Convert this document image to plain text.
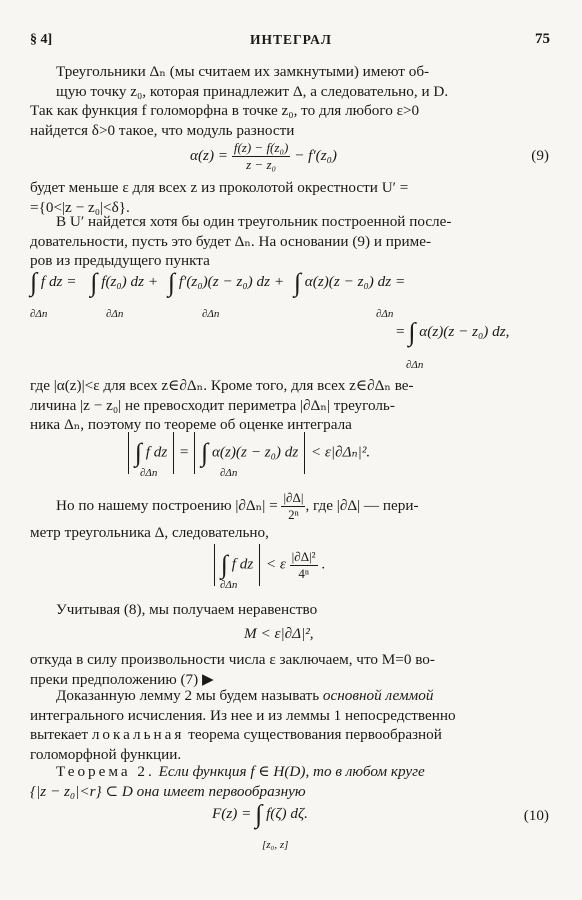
§ 4]	ИНТЕГРАЛ	75
Треугольники Δₙ (мы считаем их замкнутыми) имеют об-
щую точку z₀, которая принадлежит Δ, а следовательно, и D.
Так как функция f голоморфна в точке z₀, то для любого ε>0
найдется δ>0 такое, что модуль разности
$\alpha(z) = \frac{\text{f(z) − f(z₀)}}{\text{z − z₀}} - f'(z_0)$	(9)
будет меньше ε для всех z из проколотой окрестности U′ =
={0<|z − z₀|<δ}.
В U′ найдется хотя бы один треугольник построенной после-
довательности, пусть это будет Δₙ. На основании (9) и приме-
ров из предыдущего пункта
∫ f dz = ∫ f(z₀) dz + ∫ f′(z₀)(z − z₀) dz + ∫ α(z)(z − z₀) dz =
∂Δn	∂Δn	∂Δn	∂Δn
= ∫ α(z)(z − z₀) dz,
∂Δn
где |α(z)|<ε для всех z∈∂Δₙ. Кроме того, для всех z∈∂Δₙ ве-
личина |z − z₀| не превосходит периметра |∂Δₙ| треуголь-
ника Δₙ, поэтому по теореме об оценке интеграла
∫ f dz = ∫ α(z)(z − z₀) dz < ε|∂Δₙ|².
∂Δn	∂Δn
Но по нашему построению $|\partial\Delta_n| = \frac{|\partial\Delta|}{\text{2ⁿ}}$ , где |∂Δ| — пери-
метр треугольника Δ, следовательно,
∫ f dz < ε $\frac{\text{|∂Δ|²}}{\text{4ⁿ}}$ .
∂Δn
Учитывая (8), мы получаем неравенство
M < ε|∂Δ|²,
откуда в силу произвольности числа ε заключаем, что M=0 во-
преки предположению (7) ▶
Доказанную лемму 2 мы будем называть основной леммой
интегрального исчисления. Из нее и из леммы 1 непосредственно
вытекает локальная теорема существования первообразной
голоморфной функции.
Теорема 2. Если функция f ∈ H(D), то в любом круге
{|z − z₀|<r} ⊂ D она имеет первообразную
F(z) = ∫ f(ζ) dζ.
[z₀, z]
(10)
